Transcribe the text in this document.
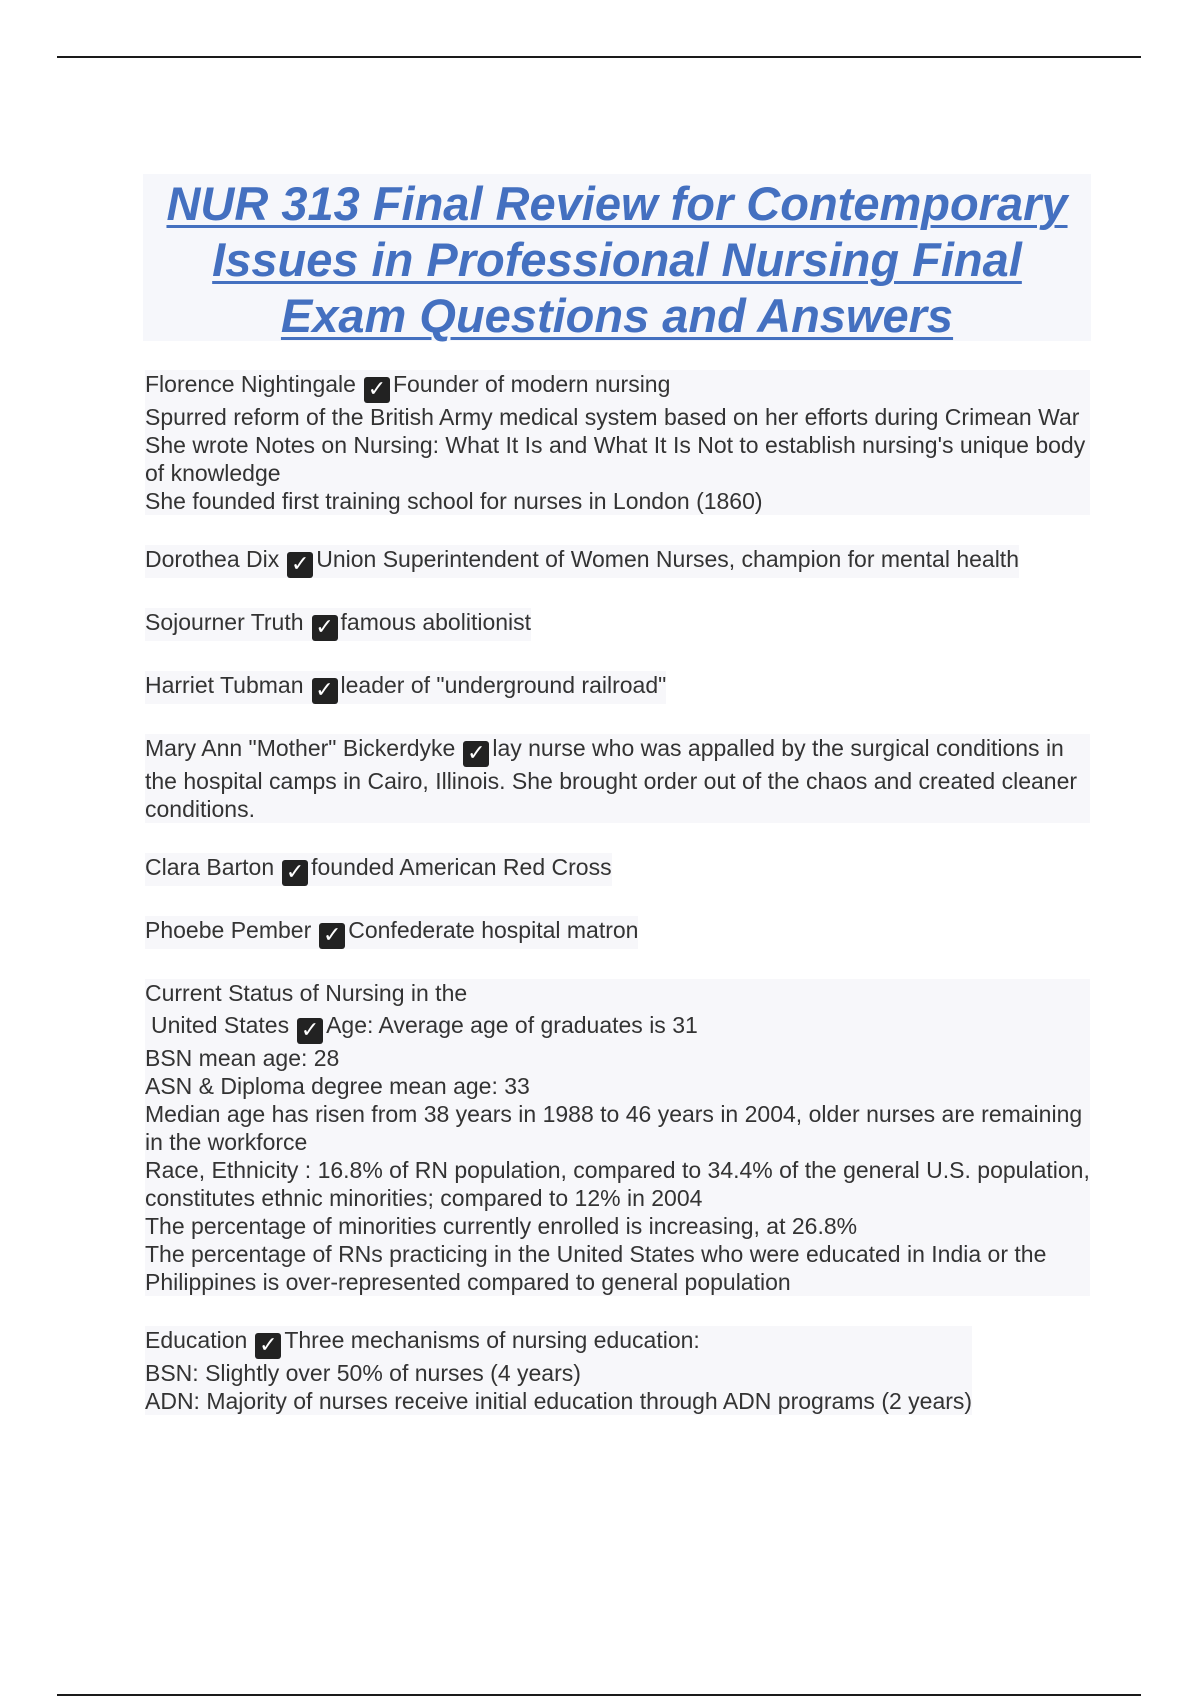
NUR 313 Final Review for Contemporary
Issues in Professional Nursing Final
Exam Questions and Answers
Florence Nightingale ✓ Founder of modern nursing
Spurred reform of the British Army medical system based on her efforts during Crimean War
She wrote Notes on Nursing: What It Is and What It Is Not to establish nursing's unique body of knowledge
She founded first training school for nurses in London (1860)
Dorothea Dix ✓ Union Superintendent of Women Nurses, champion for mental health
Sojourner Truth ✓ famous abolitionist
Harriet Tubman ✓ leader of "underground railroad"
Mary Ann "Mother" Bickerdyke ✓ lay nurse who was appalled by the surgical conditions in the hospital camps in Cairo, Illinois. She brought order out of the chaos and created cleaner conditions.
Clara Barton ✓ founded American Red Cross
Phoebe Pember ✓ Confederate hospital matron
Current Status of Nursing in the
United States ✓ Age: Average age of graduates is 31
BSN mean age: 28
ASN & Diploma degree mean age: 33
Median age has risen from 38 years in 1988 to 46 years in 2004, older nurses are remaining in the workforce
Race, Ethnicity : 16.8% of RN population, compared to 34.4% of the general U.S. population, constitutes ethnic minorities; compared to 12% in 2004
The percentage of minorities currently enrolled is increasing, at 26.8%
The percentage of RNs practicing in the United States who were educated in India or the Philippines is over-represented compared to general population
Education ✓ Three mechanisms of nursing education:
BSN: Slightly over 50% of nurses (4 years)
ADN: Majority of nurses receive initial education through ADN programs (2 years)
